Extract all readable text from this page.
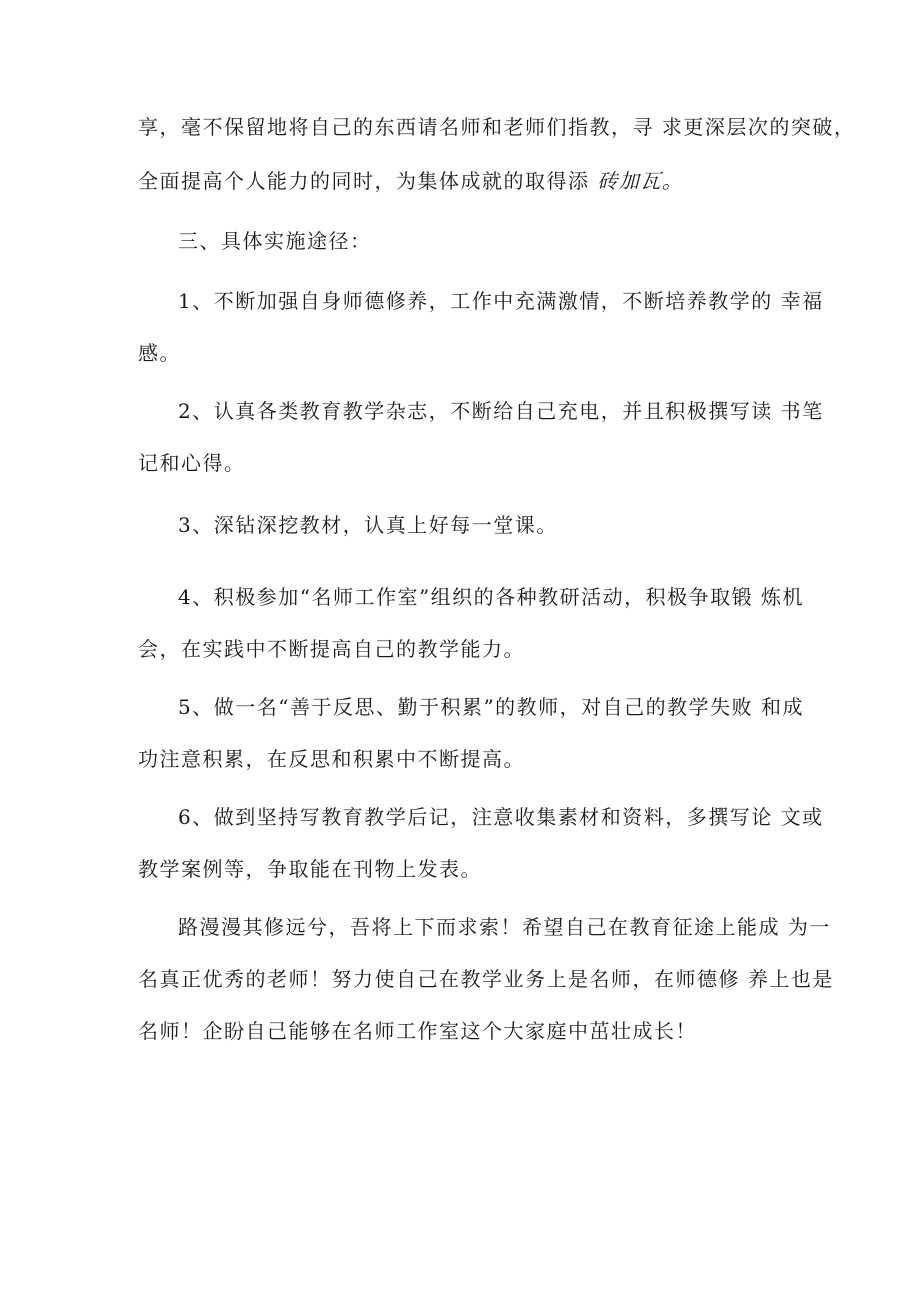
享，毫不保留地将自己的东西请名师和老师们指教，寻 求更深层次的突破，
全面提高个人能力的同时，为集体成就的取得添 砖加瓦。
三、具体实施途径：
1、不断加强自身师德修养，工作中充满激情，不断培养教学的 幸福
感。
2、认真各类教育教学杂志，不断给自己充电，并且积极撰写读 书笔
记和心得。
3、深钻深挖教材，认真上好每一堂课。
4、积极参加“名师工作室”组织的各种教研活动，积极争取锻 炼机
会，在实践中不断提高自己的教学能力。
5、做一名“善于反思、勤于积累”的教师，对自己的教学失败 和成
功注意积累，在反思和积累中不断提高。
6、做到坚持写教育教学后记，注意收集素材和资料，多撰写论 文或
教学案例等，争取能在刊物上发表。
路漫漫其修远兮，吾将上下而求索！希望自己在教育征途上能成 为一
名真正优秀的老师！努力使自己在教学业务上是名师，在师德修 养上也是
名师！企盼自己能够在名师工作室这个大家庭中茁壮成长！
